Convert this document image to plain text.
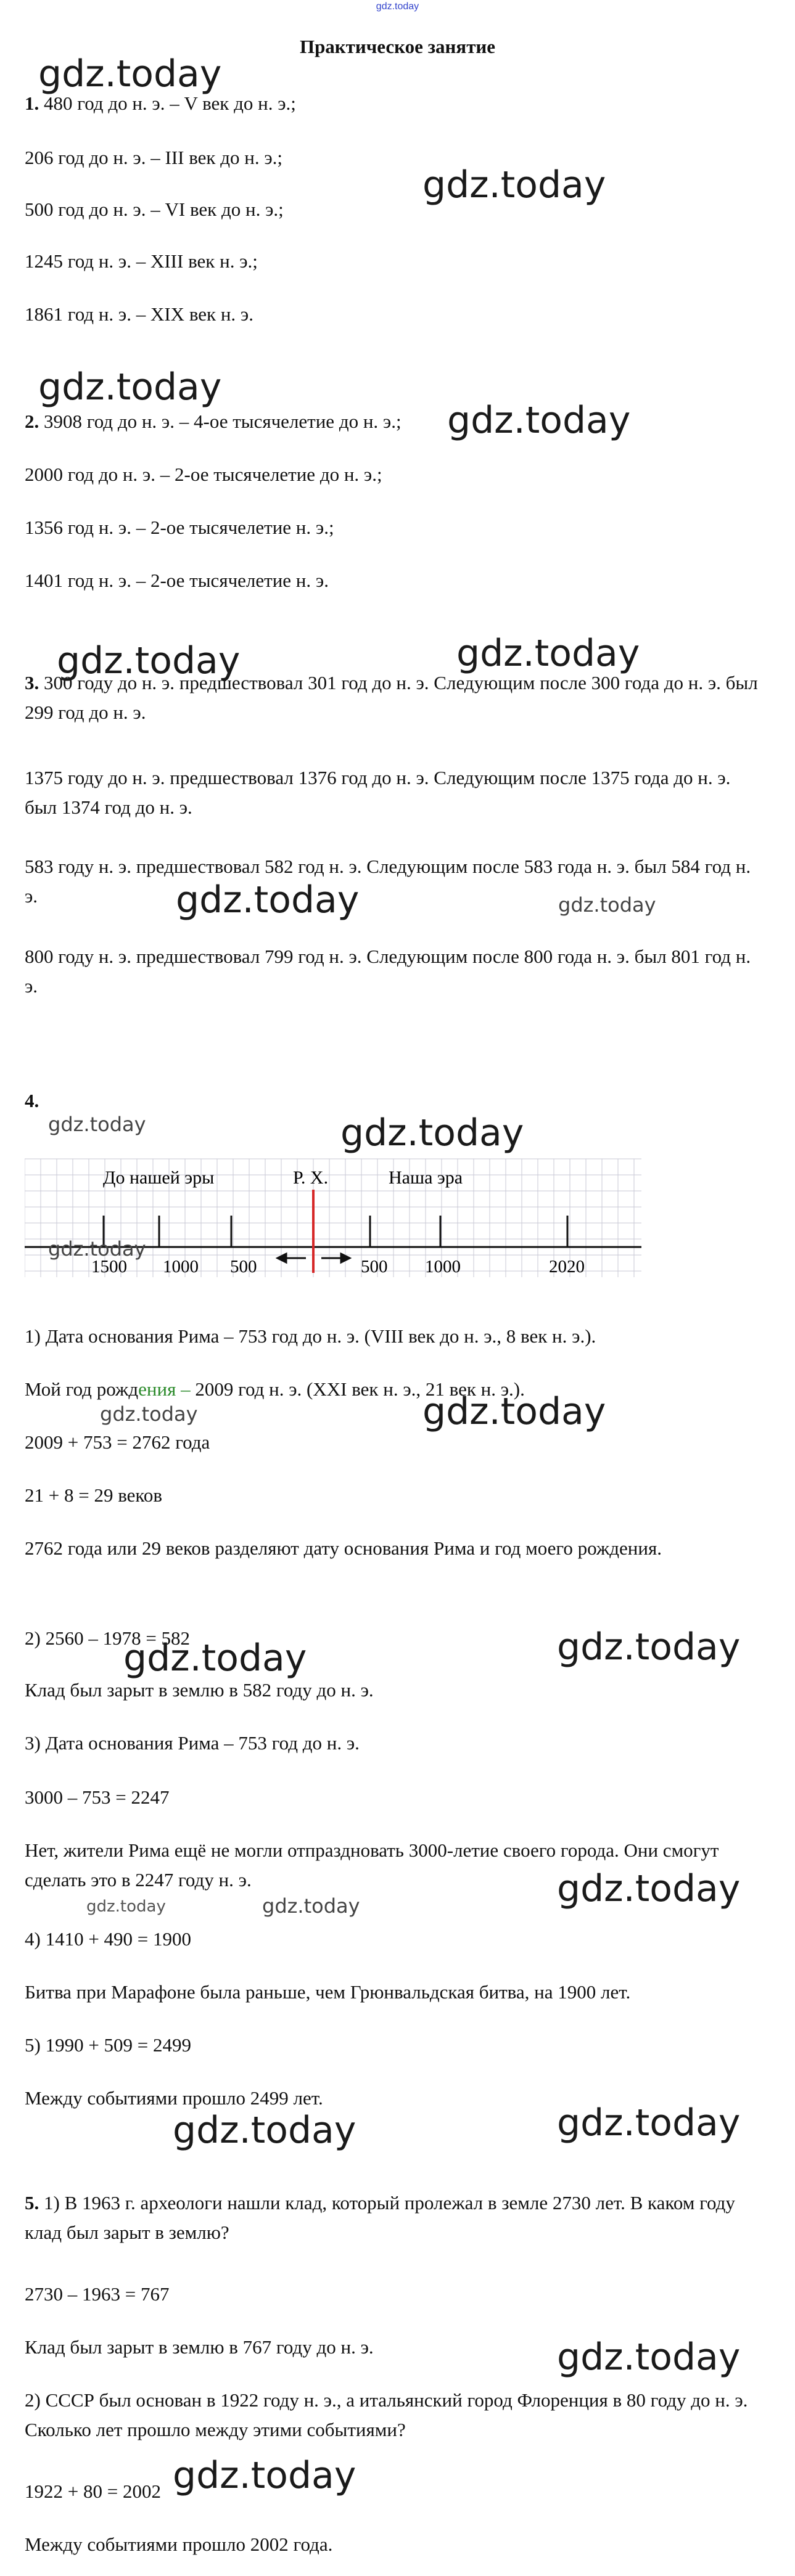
gdz.today
Практическое занятие
1. 480 год до н. э. – V век до н. э.;
206 год до н. э. – III век до н. э.;
500 год до н. э. – VI век до н. э.;
1245 год н. э. – XIII век н. э.;
1861 год н. э. – XIX век н. э.
2. 3908 год до н. э. – 4-ое тысячелетие до н. э.;
2000 год до н. э. – 2-ое тысячелетие до н. э.;
1356 год н. э. – 2-ое тысячелетие н. э.;
1401 год н. э. – 2-ое тысячелетие н. э.
3. 300 году до н. э. предшествовал 301 год до н. э. Следующим после 300 года до н. э. был 299 год до н. э.
1375 году до н. э. предшествовал 1376 год до н. э. Следующим после 1375 года до н. э. был 1374 год до н. э.
583 году н. э. предшествовал 582 год н. э. Следующим после 583 года н. э. был 584 год н. э.
800 году н. э. предшествовал 799 год н. э. Следующим после 800 года н. э. был 801 год н. э.
4.
До нашей эры	Р. Х.	Наша эра
1500 1000 500	500 1000	2020
1) Дата основания Рима – 753 год до н. э. (VIII век до н. э., 8 век н. э.).
Мой год рождения – 2009 год н. э. (XXI век н. э., 21 век н. э.).
2009 + 753 = 2762 года
21 + 8 = 29 веков
2762 года или 29 веков разделяют дату основания Рима и год моего рождения.
2) 2560 – 1978 = 582
Клад был зарыт в землю в 582 году до н. э.
3) Дата основания Рима – 753 год до н. э.
3000 – 753 = 2247
Нет, жители Рима ещё не могли отпраздновать 3000-летие своего города. Они смогут сделать это в 2247 году н. э.
4) 1410 + 490 = 1900
Битва при Марафоне была раньше, чем Грюнвальдская битва, на 1900 лет.
5) 1990 + 509 = 2499
Между событиями прошло 2499 лет.
5. 1) В 1963 г. археологи нашли клад, который пролежал в земле 2730 лет. В каком году клад был зарыт в землю?
2730 – 1963 = 767
Клад был зарыт в землю в 767 году до н. э.
2) СССР был основан в 1922 году н. э., а итальянский город Флоренция в 80 году до н. э. Сколько лет прошло между этими событиями?
1922 + 80 = 2002
Между событиями прошло 2002 года.
gdz.today
gdz.today
gdz.today
gdz.today
gdz.today	gdz.today
gdz.today	gdz.today
gdz.today	gdz.today
gdz.today
gdz.today	gdz.today
gdz.today
gdz.today
gdz.today
gdz.today	gdz.today
gdz.today
gdz.today
gdz.today
gdz.today
